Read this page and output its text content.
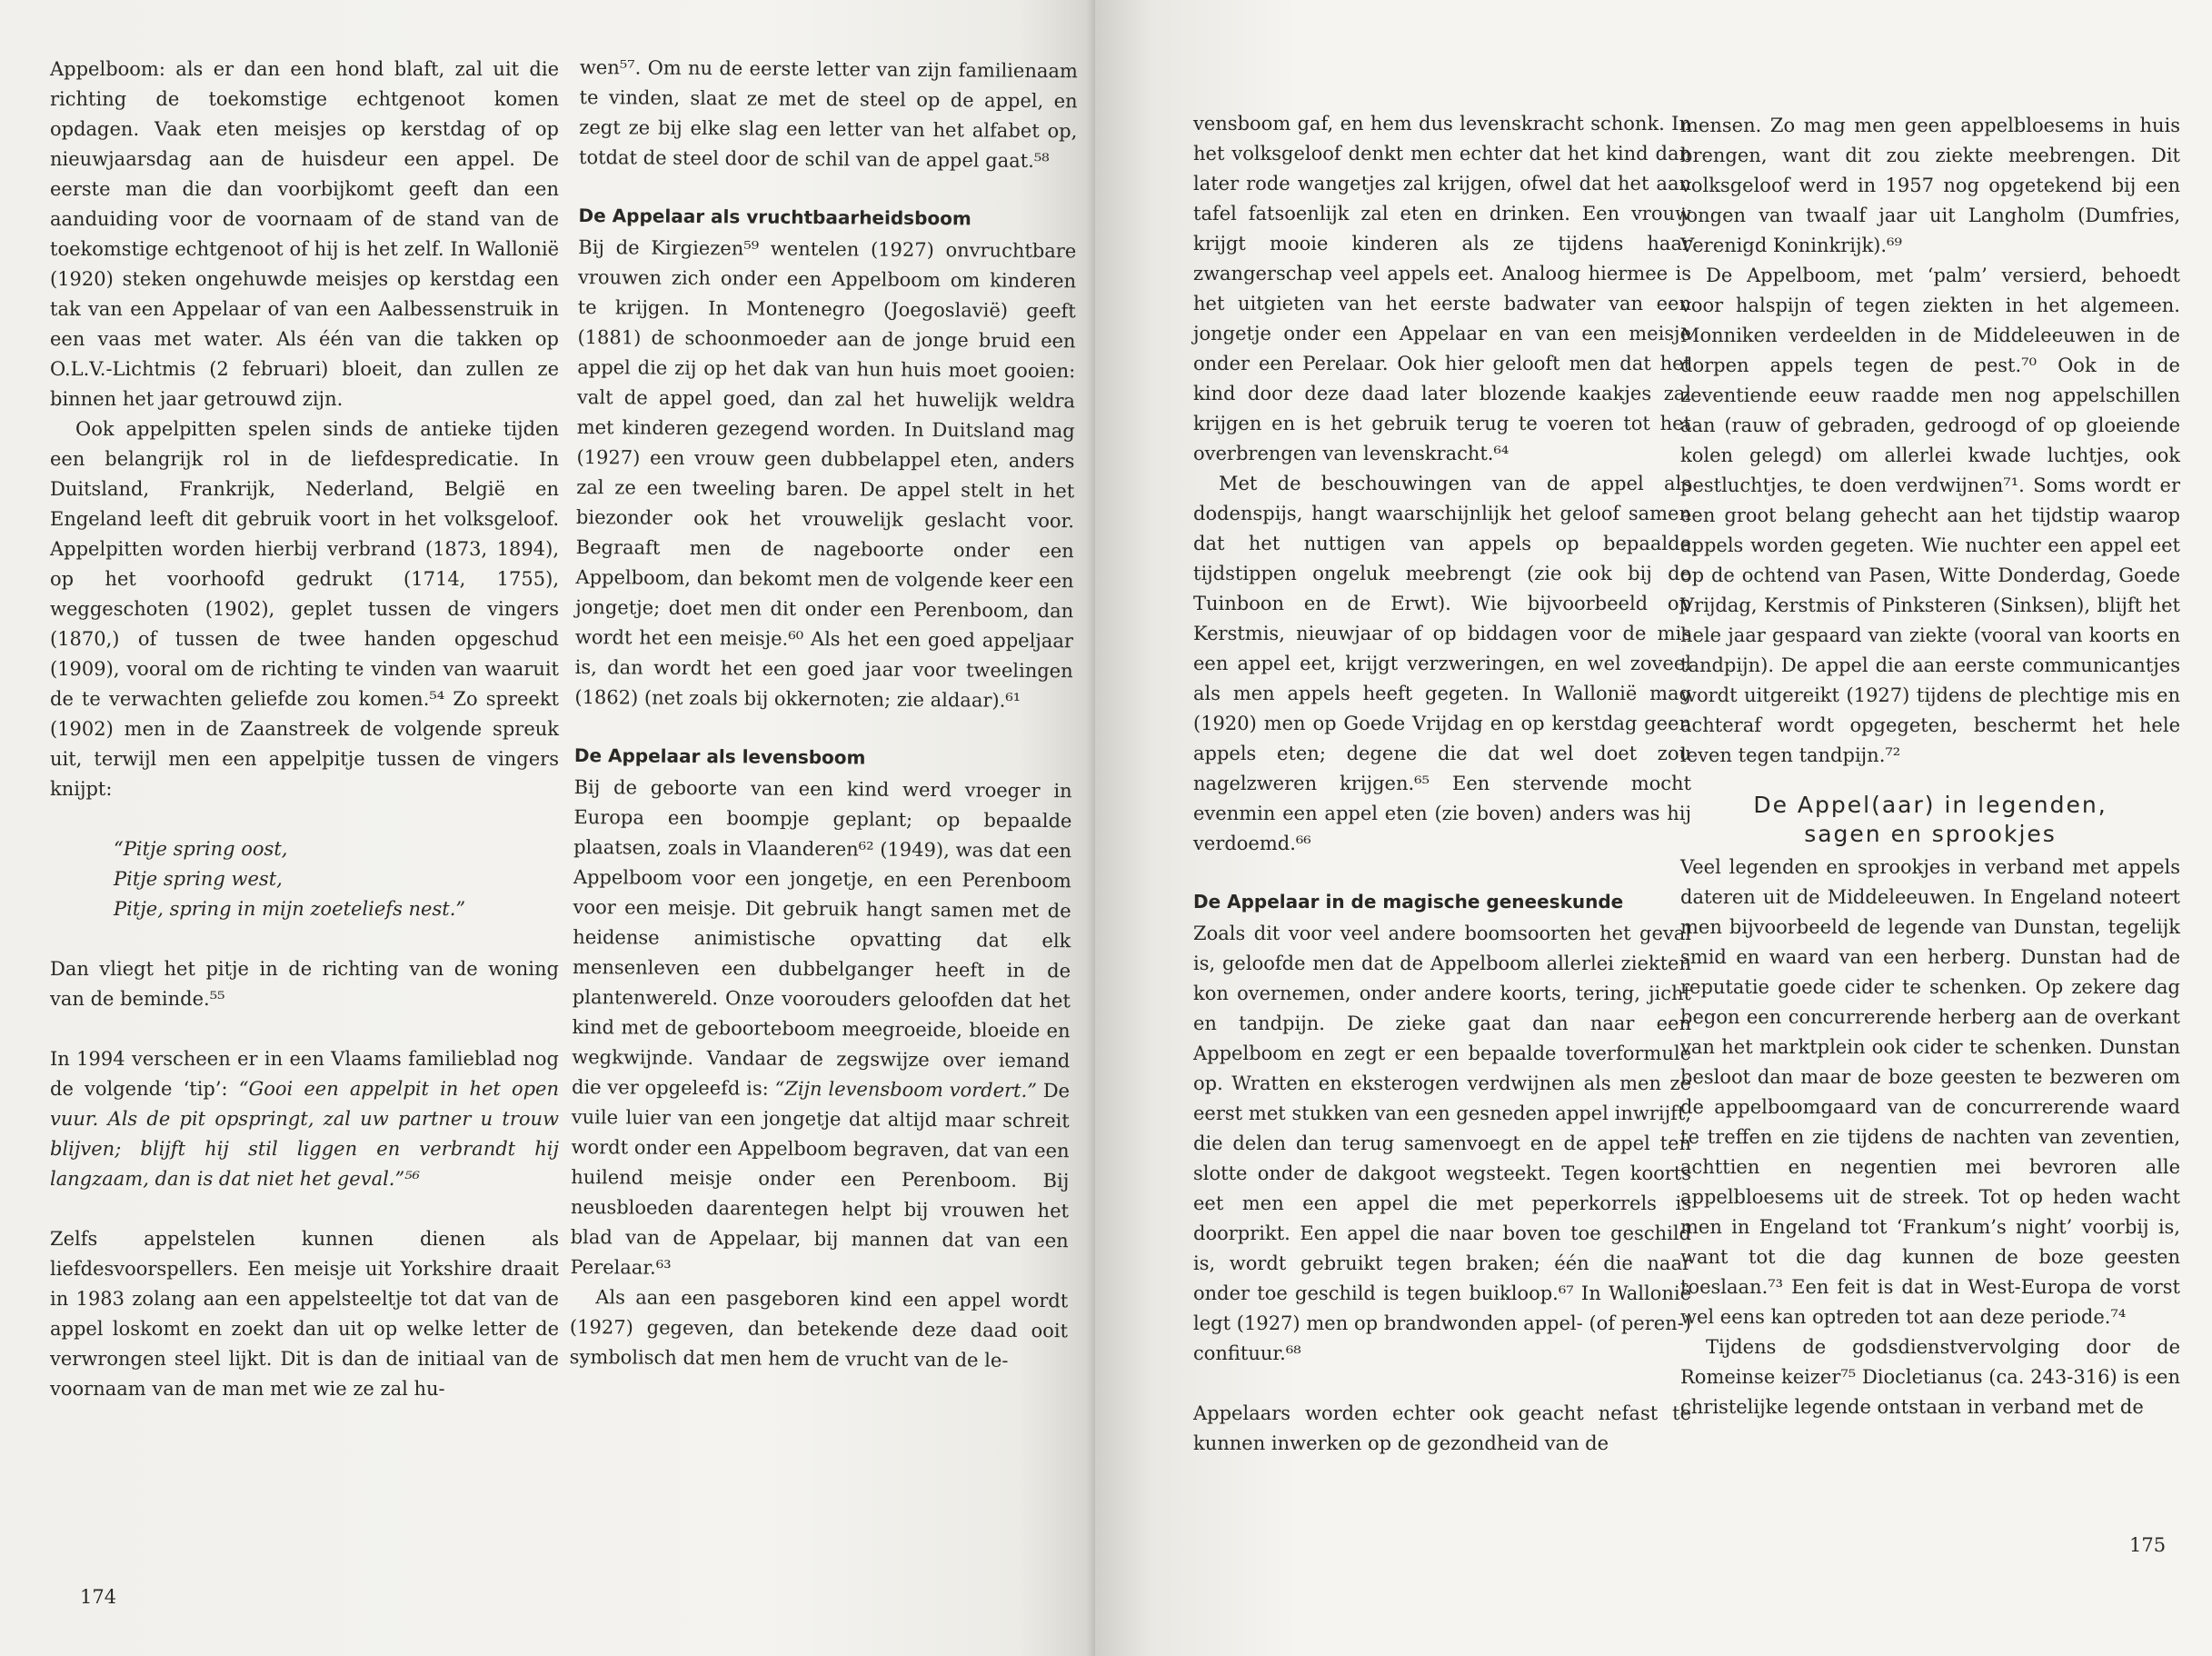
Appelboom: als er dan een hond blaft, zal uit die richting de toekomstige echtgenoot komen opdagen. Vaak eten meisjes op kerstdag of op nieuwjaarsdag aan de huisdeur een appel. De eerste man die dan voorbijkomt geeft dan een aanduiding voor de voornaam of de stand van de toekomstige echtgenoot of hij is het zelf. In Wallonië (1920) steken ongehuwde meisjes op kerstdag een tak van een Appelaar of van een Aalbessenstruik in een vaas met water. Als één van die takken op O.L.V.-Lichtmis (2 februari) bloeit, dan zullen ze binnen het jaar getrouwd zijn.

Ook appelpitten spelen sinds de antieke tijden een belangrijk rol in de liefdespredicatie. In Duitsland, Frankrijk, Nederland, België en Engeland leeft dit gebruik voort in het volksgeloof. Appelpitten worden hierbij verbrand (1873, 1894), op het voorhoofd gedrukt (1714, 1755), weggeschoten (1902), geplet tussen de vingers (1870,) of tussen de twee handen opgeschud (1909), vooral om de richting te vinden van waaruit de te verwachten geliefde zou komen.⁵⁴ Zo spreekt (1902) men in de Zaanstreek de volgende spreuk uit, terwijl men een appelpitje tussen de vingers knijpt:

“Pitje spring oost,
Pitje spring west,
Pitje, spring in mijn zoeteliefs nest.”

Dan vliegt het pitje in de richting van de woning van de beminde.⁵⁵

In 1994 verscheen er in een Vlaams familieblad nog de volgende ‘tip’: “Gooi een appelpit in het open vuur. Als de pit opspringt, zal uw partner u trouw blijven; blijft hij stil liggen en verbrandt hij langzaam, dan is dat niet het geval.”⁵⁶

Zelfs appelstelen kunnen dienen als liefdesvoorspellers. Een meisje uit Yorkshire draait in 1983 zolang aan een appelsteeltje tot dat van de appel loskomt en zoekt dan uit op welke letter de verwrongen steel lijkt. Dit is dan de initiaal van de voornaam van de man met wie ze zal hu-

wen⁵⁷. Om nu de eerste letter van zijn familienaam te vinden, slaat ze met de steel op de appel, en zegt ze bij elke slag een letter van het alfabet op, totdat de steel door de schil van de appel gaat.⁵⁸

De Appelaar als vruchtbaarheidsboom

Bij de Kirgiezen⁵⁹ wentelen (1927) onvruchtbare vrouwen zich onder een Appelboom om kinderen te krijgen. In Montenegro (Joegoslavië) geeft (1881) de schoonmoeder aan de jonge bruid een appel die zij op het dak van hun huis moet gooien: valt de appel goed, dan zal het huwelijk weldra met kinderen gezegend worden. In Duitsland mag (1927) een vrouw geen dubbelappel eten, anders zal ze een tweeling baren. De appel stelt in het biezonder ook het vrouwelijk geslacht voor. Begraaft men de nageboorte onder een Appelboom, dan bekomt men de volgende keer een jongetje; doet men dit onder een Perenboom, dan wordt het een meisje.⁶⁰ Als het een goed appeljaar is, dan wordt het een goed jaar voor tweelingen (1862) (net zoals bij okkernoten; zie aldaar).⁶¹

De Appelaar als levensboom

Bij de geboorte van een kind werd vroeger in Europa een boompje geplant; op bepaalde plaatsen, zoals in Vlaanderen⁶² (1949), was dat een Appelboom voor een jongetje, en een Perenboom voor een meisje. Dit gebruik hangt samen met de heidense animistische opvatting dat elk mensenleven een dubbelganger heeft in de plantenwereld. Onze voorouders geloofden dat het kind met de geboorteboom meegroeide, bloeide en wegkwijnde. Vandaar de zegswijze over iemand die ver opgeleefd is: “Zijn levensboom vordert.” De vuile luier van een jongetje dat altijd maar schreit wordt onder een Appelboom begraven, dat van een huilend meisje onder een Perenboom. Bij neusbloeden daarentegen helpt bij vrouwen het blad van de Appelaar, bij mannen dat van een Perelaar.⁶³

Als aan een pasgeboren kind een appel wordt (1927) gegeven, dan betekende deze daad ooit symbolisch dat men hem de vrucht van de le-

174

vensboom gaf, en hem dus levenskracht schonk. In het volksgeloof denkt men echter dat het kind dan later rode wangetjes zal krijgen, ofwel dat het aan tafel fatsoenlijk zal eten en drinken. Een vrouw krijgt mooie kinderen als ze tijdens haar zwangerschap veel appels eet. Analoog hiermee is het uitgieten van het eerste badwater van een jongetje onder een Appelaar en van een meisje onder een Perelaar. Ook hier gelooft men dat het kind door deze daad later blozende kaakjes zal krijgen en is het gebruik terug te voeren tot het overbrengen van levenskracht.⁶⁴

Met de beschouwingen van de appel als dodenspijs, hangt waarschijnlijk het geloof samen dat het nuttigen van appels op bepaalde tijdstippen ongeluk meebrengt (zie ook bij de Tuinboon en de Erwt). Wie bijvoorbeeld op Kerstmis, nieuwjaar of op biddagen voor de mis een appel eet, krijgt verzweringen, en wel zoveel als men appels heeft gegeten. In Wallonië mag (1920) men op Goede Vrijdag en op kerstdag geen appels eten; degene die dat wel doet zou nagelzweren krijgen.⁶⁵ Een stervende mocht evenmin een appel eten (zie boven) anders was hij verdoemd.⁶⁶

De Appelaar in de magische geneeskunde

Zoals dit voor veel andere boomsoorten het geval is, geloofde men dat de Appelboom allerlei ziekten kon overnemen, onder andere koorts, tering, jicht en tandpijn. De zieke gaat dan naar een Appelboom en zegt er een bepaalde toverformule op. Wratten en eksterogen verdwijnen als men ze eerst met stukken van een gesneden appel inwrijft, die delen dan terug samenvoegt en de appel ten slotte onder de dakgoot wegsteekt. Tegen koorts eet men een appel die met peperkorrels is doorprikt. Een appel die naar boven toe geschild is, wordt gebruikt tegen braken; één die naar onder toe geschild is tegen buikloop.⁶⁷ In Wallonië legt (1927) men op brandwonden appel- (of peren-) confituur.⁶⁸

Appelaars worden echter ook geacht nefast te kunnen inwerken op de gezondheid van de

mensen. Zo mag men geen appelbloesems in huis brengen, want dit zou ziekte meebrengen. Dit volksgeloof werd in 1957 nog opgetekend bij een jongen van twaalf jaar uit Langholm (Dumfries, Verenigd Koninkrijk).⁶⁹

De Appelboom, met ‘palm’ versierd, behoedt voor halspijn of tegen ziekten in het algemeen. Monniken verdeelden in de Middeleeuwen in de dorpen appels tegen de pest.⁷⁰ Ook in de zeventiende eeuw raadde men nog appelschillen aan (rauw of gebraden, gedroogd of op gloeiende kolen gelegd) om allerlei kwade luchtjes, ook pestluchtjes, te doen verdwijnen⁷¹. Soms wordt er een groot belang gehecht aan het tijdstip waarop appels worden gegeten. Wie nuchter een appel eet op de ochtend van Pasen, Witte Donderdag, Goede Vrijdag, Kerstmis of Pinksteren (Sinksen), blijft het hele jaar gespaard van ziekte (vooral van koorts en tandpijn). De appel die aan eerste communicantjes wordt uitgereikt (1927) tijdens de plechtige mis en achteraf wordt opgegeten, beschermt het hele leven tegen tandpijn.⁷²

De Appel(aar) in legenden,
sagen en sprookjes

Veel legenden en sprookjes in verband met appels dateren uit de Middeleeuwen. In Engeland noteert men bijvoorbeeld de legende van Dunstan, tegelijk smid en waard van een herberg. Dunstan had de reputatie goede cider te schenken. Op zekere dag begon een concurrerende herberg aan de overkant van het marktplein ook cider te schenken. Dunstan besloot dan maar de boze geesten te bezweren om de appelboomgaard van de concurrerende waard te treffen en zie tijdens de nachten van zeventien, achttien en negentien mei bevroren alle appelbloesems uit de streek. Tot op heden wacht men in Engeland tot ‘Frankum’s night’ voorbij is, want tot die dag kunnen de boze geesten toeslaan.⁷³ Een feit is dat in West-Europa de vorst wel eens kan optreden tot aan deze periode.⁷⁴

Tijdens de godsdienstvervolging door de Romeinse keizer⁷⁵ Diocletianus (ca. 243-316) is een christelijke legende ontstaan in verband met de

175
